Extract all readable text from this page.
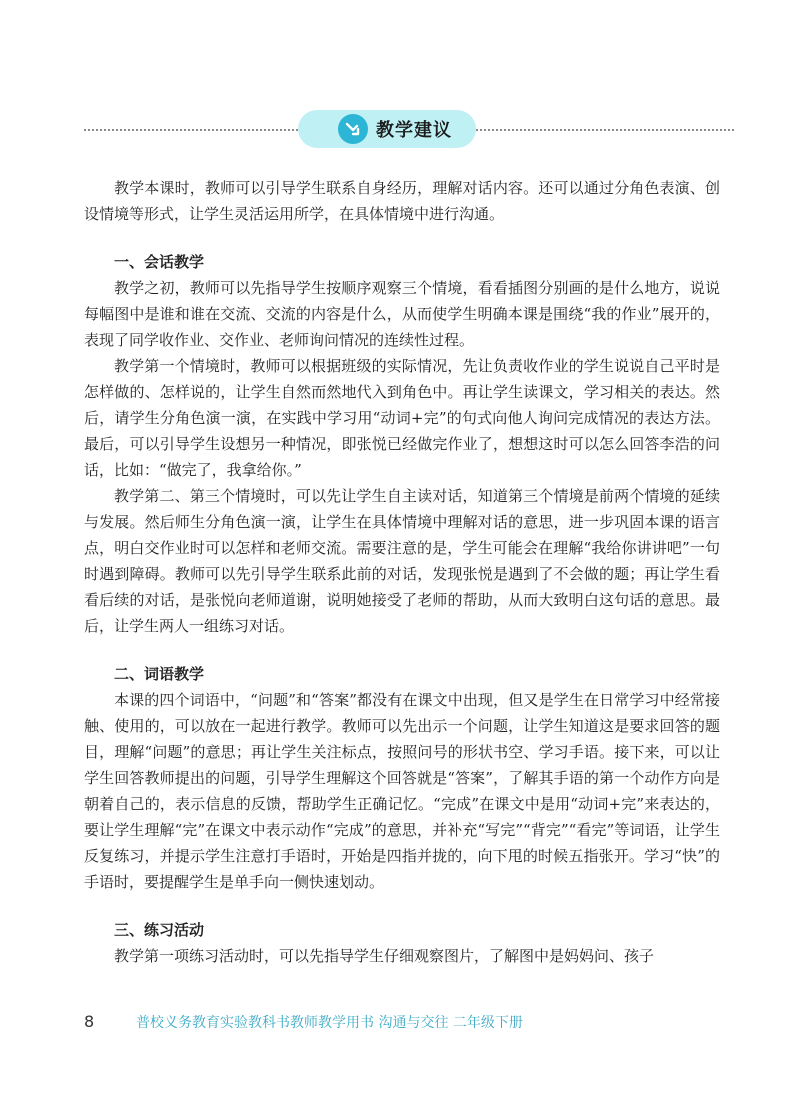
教学建议

教学本课时，教师可以引导学生联系自身经历，理解对话内容。还可以通过分角色表演、创设情境等形式，让学生灵活运用所学，在具体情境中进行沟通。

一、会话教学

教学之初，教师可以先指导学生按顺序观察三个情境，看看插图分别画的是什么地方，说说每幅图中是谁和谁在交流、交流的内容是什么，从而使学生明确本课是围绕“我的作业”展开的，表现了同学收作业、交作业、老师询问情况的连续性过程。

教学第一个情境时，教师可以根据班级的实际情况，先让负责收作业的学生说说自己平时是怎样做的、怎样说的，让学生自然而然地代入到角色中。再让学生读课文，学习相关的表达。然后，请学生分角色演一演，在实践中学习用“动词+完”的句式向他人询问完成情况的表达方法。最后，可以引导学生设想另一种情况，即张悦已经做完作业了，想想这时可以怎么回答李浩的问话，比如：“做完了，我拿给你。”

教学第二、第三个情境时，可以先让学生自主读对话，知道第三个情境是前两个情境的延续与发展。然后师生分角色演一演，让学生在具体情境中理解对话的意思，进一步巩固本课的语言点，明白交作业时可以怎样和老师交流。需要注意的是，学生可能会在理解“我给你讲讲吧”一句时遇到障碍。教师可以先引导学生联系此前的对话，发现张悦是遇到了不会做的题；再让学生看看后续的对话，是张悦向老师道谢，说明她接受了老师的帮助，从而大致明白这句话的意思。最后，让学生两人一组练习对话。

二、词语教学

本课的四个词语中，“问题”和“答案”都没有在课文中出现，但又是学生在日常学习中经常接触、使用的，可以放在一起进行教学。教师可以先出示一个问题，让学生知道这是要求回答的题目，理解“问题”的意思；再让学生关注标点，按照问号的形状书空、学习手语。接下来，可以让学生回答教师提出的问题，引导学生理解这个回答就是“答案”，了解其手语的第一个动作方向是朝着自己的，表示信息的反馈，帮助学生正确记忆。“完成”在课文中是用“动词+完”来表达的，要让学生理解“完”在课文中表示动作“完成”的意思，并补充“写完”“背完”“看完”等词语，让学生反复练习，并提示学生注意打手语时，开始是四指并拢的，向下甩的时候五指张开。学习“快”的手语时，要提醒学生是单手向一侧快速划动。

三、练习活动

教学第一项练习活动时，可以先指导学生仔细观察图片，了解图中是妈妈问、孩子

8	普校义务教育实验教科书教师教学用书 沟通与交往 二年级下册
